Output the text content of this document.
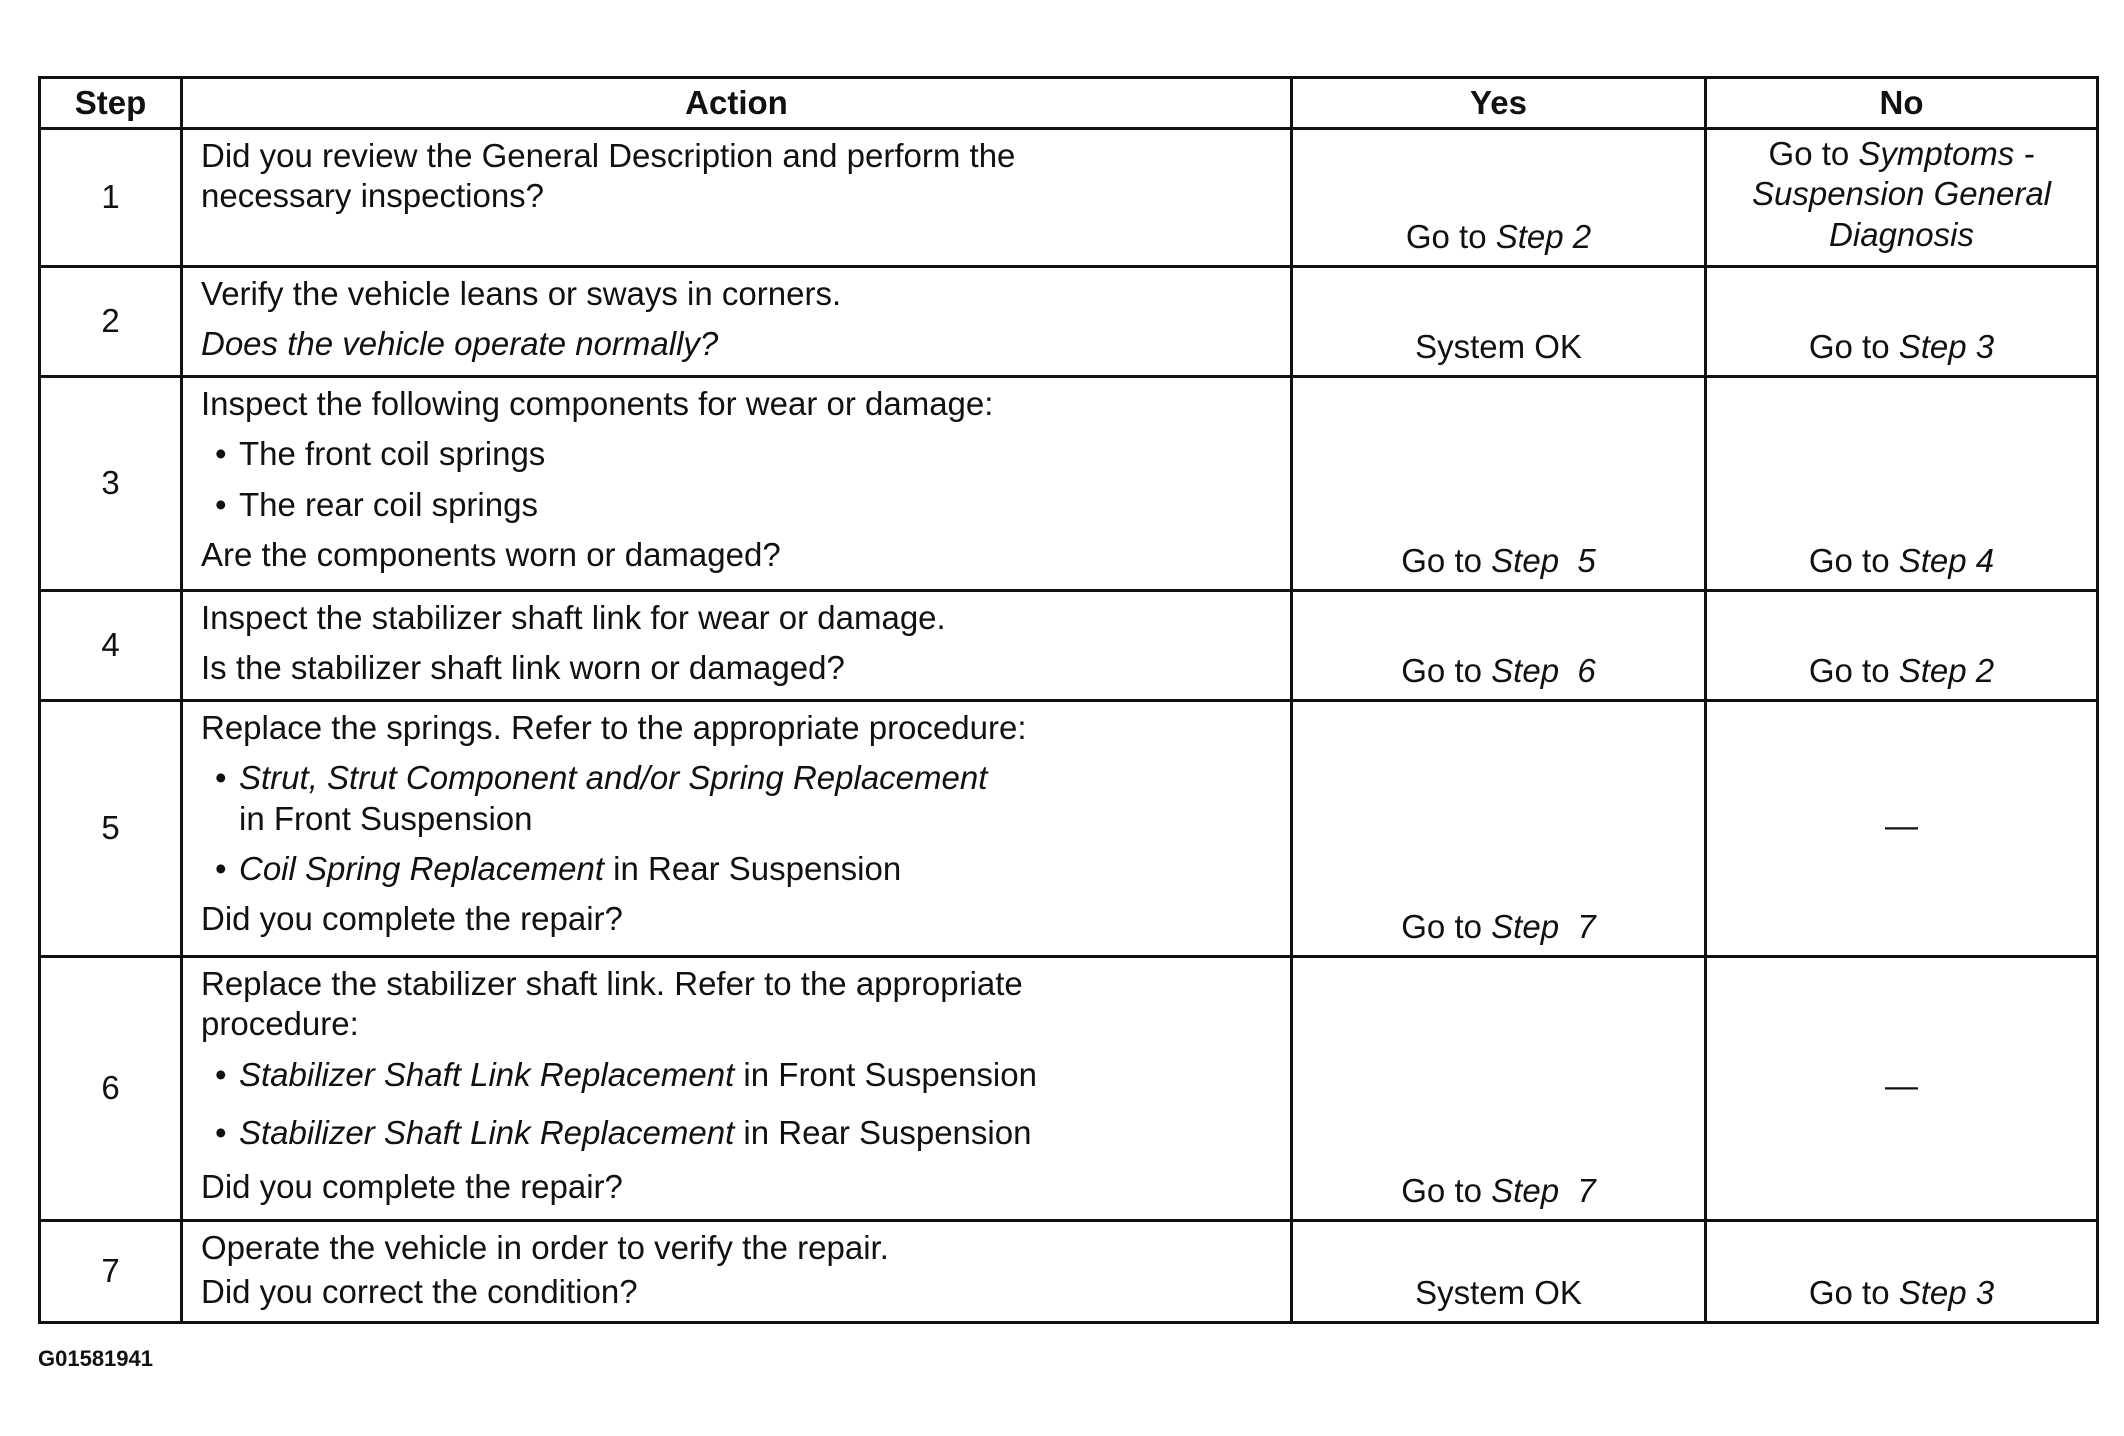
Step	Action	Yes	No
1	Did you review the General Description and perform the
necessary inspections?	Go to Step 2	Go to Symptoms -
Suspension General
Diagnosis

2	Verify the vehicle leans or sways in corners.
Does the vehicle operate normally?	System OK	Go to Step 3
3	Inspect the following components for wear or damage:
• The front coil springs
• The rear coil springs
Are the components worn or damaged?	Go to Step  5	Go to Step 4
4	Inspect the stabilizer shaft link for wear or damage.
Is the stabilizer shaft link worn or damaged?	Go to Step  6	Go to Step 2
5	Replace the springs. Refer to the appropriate procedure:
• Strut, Strut Component and/or Spring Replacement
in Front Suspension
• Coil Spring Replacement in Rear Suspension
Did you complete the repair?	Go to Step  7	—
6	Replace the stabilizer shaft link. Refer to the appropriate
procedure:
• Stabilizer Shaft Link Replacement in Front Suspension
• Stabilizer Shaft Link Replacement in Rear Suspension
Did you complete the repair?	Go to Step  7	—
7	Operate the vehicle in order to verify the repair.
Did you correct the condition?	System OK	Go to Step 3
G01581941
